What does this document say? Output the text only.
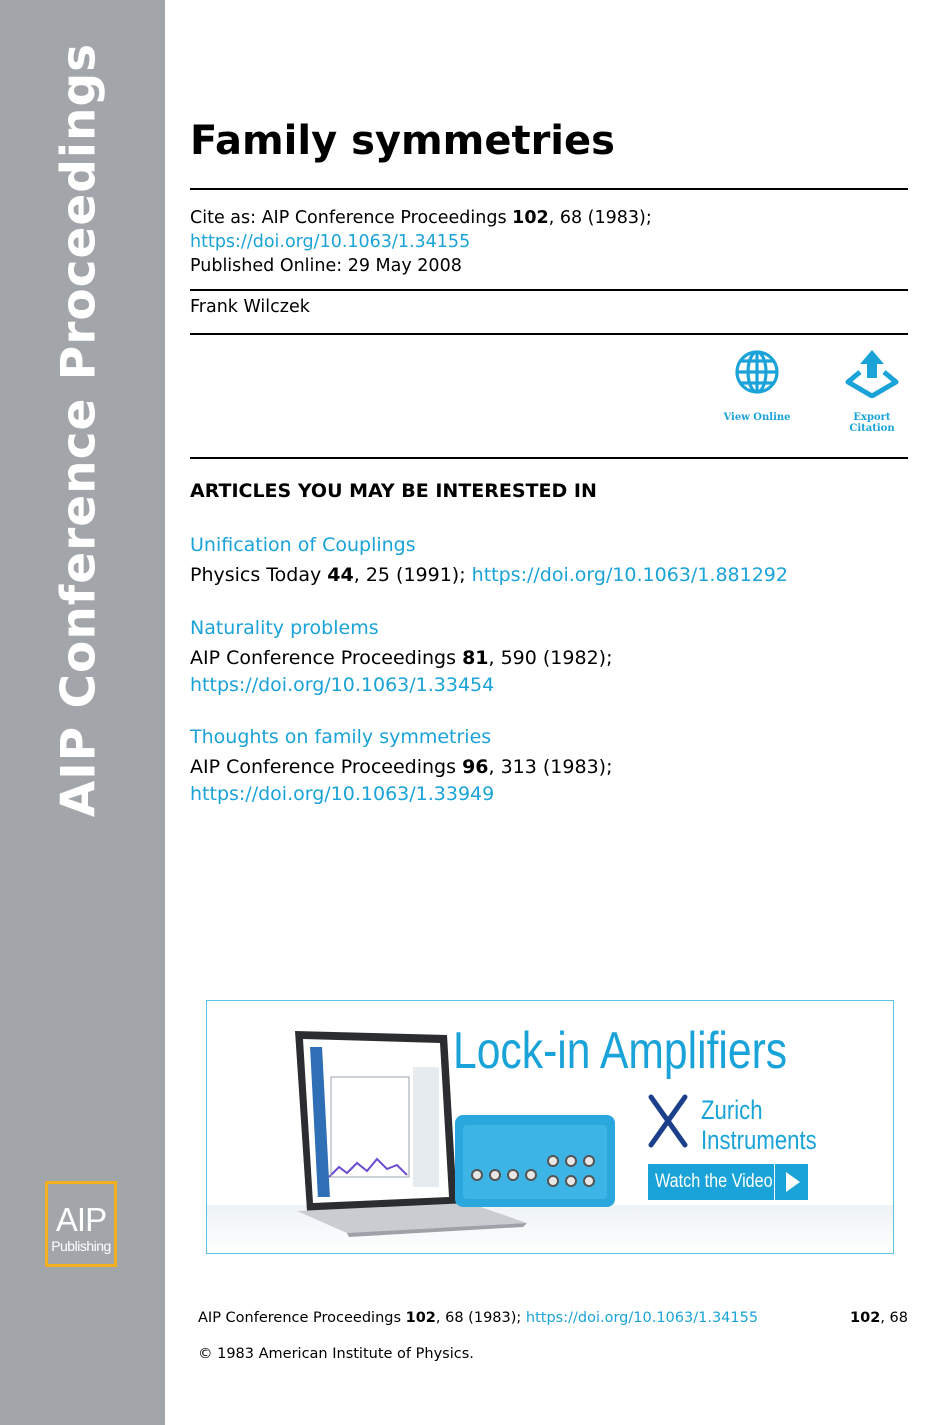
AIP Conference Proceedings
AIP
Publishing
Family symmetries
Cite as: AIP Conference Proceedings 102, 68 (1983); https://doi.org/10.1063/1.34155
Published Online: 29 May 2008
Frank Wilczek
View Online	Export Citation
ARTICLES YOU MAY BE INTERESTED IN
Unification of Couplings
Physics Today 44, 25 (1991); https://doi.org/10.1063/1.881292
Naturality problems
AIP Conference Proceedings 81, 590 (1982); https://doi.org/10.1063/1.33454
Thoughts on family symmetries
AIP Conference Proceedings 96, 313 (1983); https://doi.org/10.1063/1.33949
Lock-in Amplifiers
Zurich
Instruments
Watch the Video
AIP Conference Proceedings 102, 68 (1983); https://doi.org/10.1063/1.34155	102, 68
© 1983 American Institute of Physics.
